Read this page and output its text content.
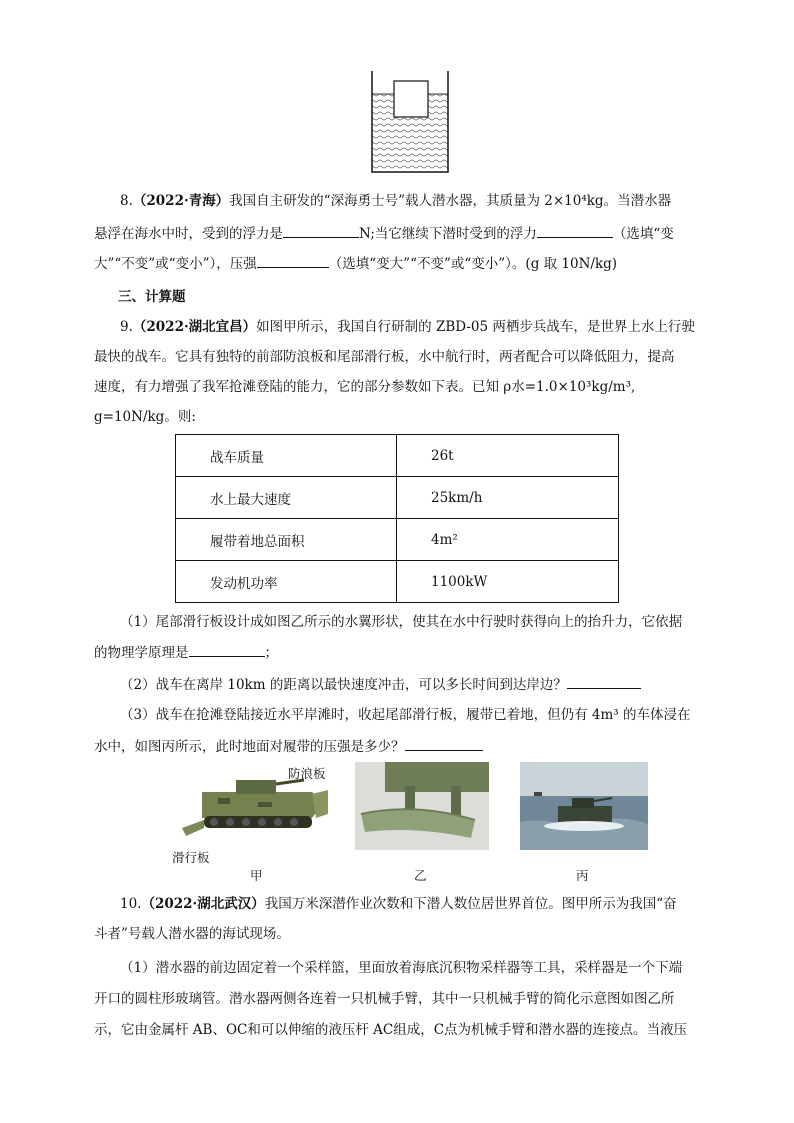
8.（2022·青海）我国自主研发的“深海勇士号”载人潜水器，其质量为 2×10⁴kg。当潜水器

悬浮在海水中时，受到的浮力是	N;当它继续下潜时受到的浮力	（选填“变

大”“不变”或“变小”），压强	（选填“变大”“不变”或“变小”）。(g 取 10N/kg)

三、计算题

9.（2022·湖北宜昌）如图甲所示，我国自行研制的 ZBD-05 两栖步兵战车，是世界上水上行驶

最快的战车。它具有独特的前部防浪板和尾部滑行板，水中航行时，两者配合可以降低阻力，提高

速度，有力增强了我军抢滩登陆的能力，它的部分参数如下表。已知 ρ水=1.0×10³kg/m³,

g=10N/kg。则:

战车质量	26t
水上最大速度	25km/h
履带着地总面积	4m²
发动机功率	1100kW

（1）尾部滑行板设计成如图乙所示的水翼形状，使其在水中行驶时获得向上的抬升力，它依据

的物理学原理是	；

（2）战车在离岸 10km 的距离以最快速度冲击，可以多长时间到达岸边？

（3）战车在抢滩登陆接近水平岸滩时，收起尾部滑行板，履带已着地，但仍有 4m³ 的车体浸在

水中，如图丙所示，此时地面对履带的压强是多少？

防浪板
滑行板
甲	乙	丙

10.（2022·湖北武汉）我国万米深潜作业次数和下潜人数位居世界首位。图甲所示为我国“奋

斗者”号载人潜水器的海试现场。

（1）潜水器的前边固定着一个采样篮，里面放着海底沉积物采样器等工具，采样器是一个下端

开口的圆柱形玻璃管。潜水器两侧各连着一只机械手臂，其中一只机械手臂的简化示意图如图乙所

示，它由金属杆 AB、OC和可以伸缩的液压杆 AC组成，C点为机械手臂和潜水器的连接点。当液压
